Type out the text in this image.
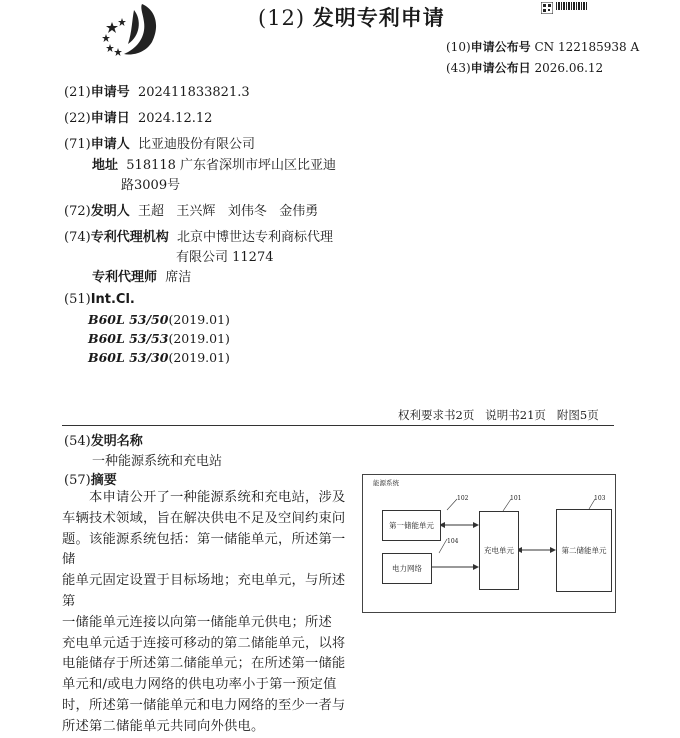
(12) 发明专利申请
(10)申请公布号 CN 122185938 A
(43)申请公布日 2026.06.12
(21)申请号 202411833821.3
(22)申请日 2024.12.12
(71)申请人 比亚迪股份有限公司
地址 518118 广东省深圳市坪山区比亚迪
路3009号
(72)发明人 王超 王兴辉 刘伟冬 金伟勇
(74)专利代理机构 北京中博世达专利商标代理
有限公司 11274
专利代理师 席洁
(51)Int.Cl.
B60L 53/50(2019.01)
B60L 53/53(2019.01)
B60L 53/30(2019.01)
权利要求书2页   说明书21页   附图5页
(54)发明名称
一种能源系统和充电站
(57)摘要
本申请公开了一种能源系统和充电站，涉及
车辆技术领域，旨在解决供电不足及空间约束问
题。该能源系统包括：第一储能单元，所述第一储
能单元固定设置于目标场地；充电单元，与所述第
一储能单元连接以向第一储能单元供电；所述
充电单元适于连接可移动的第二储能单元，以将
电能储存于所述第二储能单元；在所述第一储能
单元和/或电力网络的供电功率小于第一预定值
时，所述第一储能单元和电力网络的至少一者与
所述第二储能单元共同向外供电。
能源系统
第一储能单元
电力网络
充电单元	第二储能单元
102
104
101	103
